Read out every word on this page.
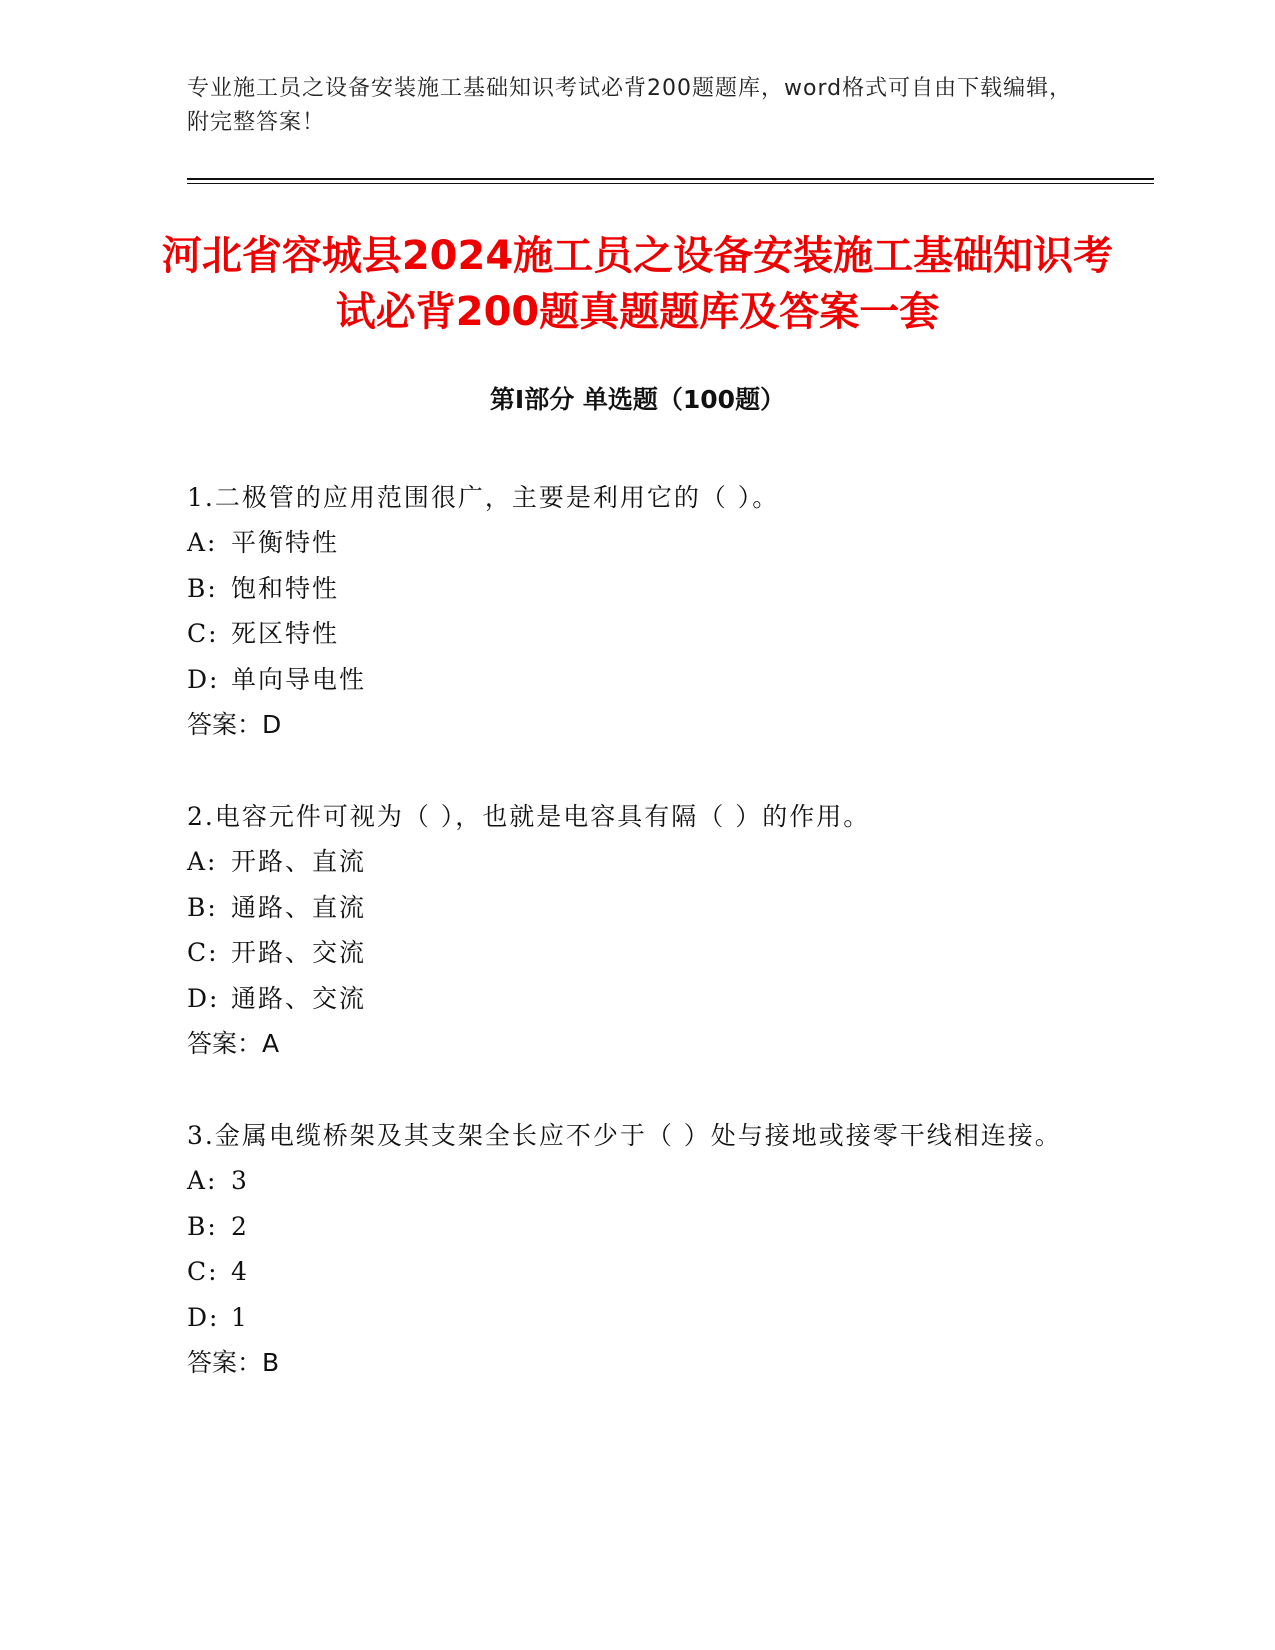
专业施工员之设备安装施工基础知识考试必背200题题库，word格式可自由下载编辑，附完整答案！
河北省容城县2024施工员之设备安装施工基础知识考试必背200题真题题库及答案一套
第Ⅰ部分 单选题（100题）

1.二极管的应用范围很广，主要是利用它的（ ）。

A: 平衡特性

B: 饱和特性

C: 死区特性

D: 单向导电性

答案：D

2.电容元件可视为（ ），也就是电容具有隔（ ）的作用。

A: 开路、直流

B: 通路、直流

C: 开路、交流

D: 通路、交流

答案：A

3.金属电缆桥架及其支架全长应不少于（ ）处与接地或接零干线相连接。

A: 3

B: 2

C: 4

D: 1

答案：B
